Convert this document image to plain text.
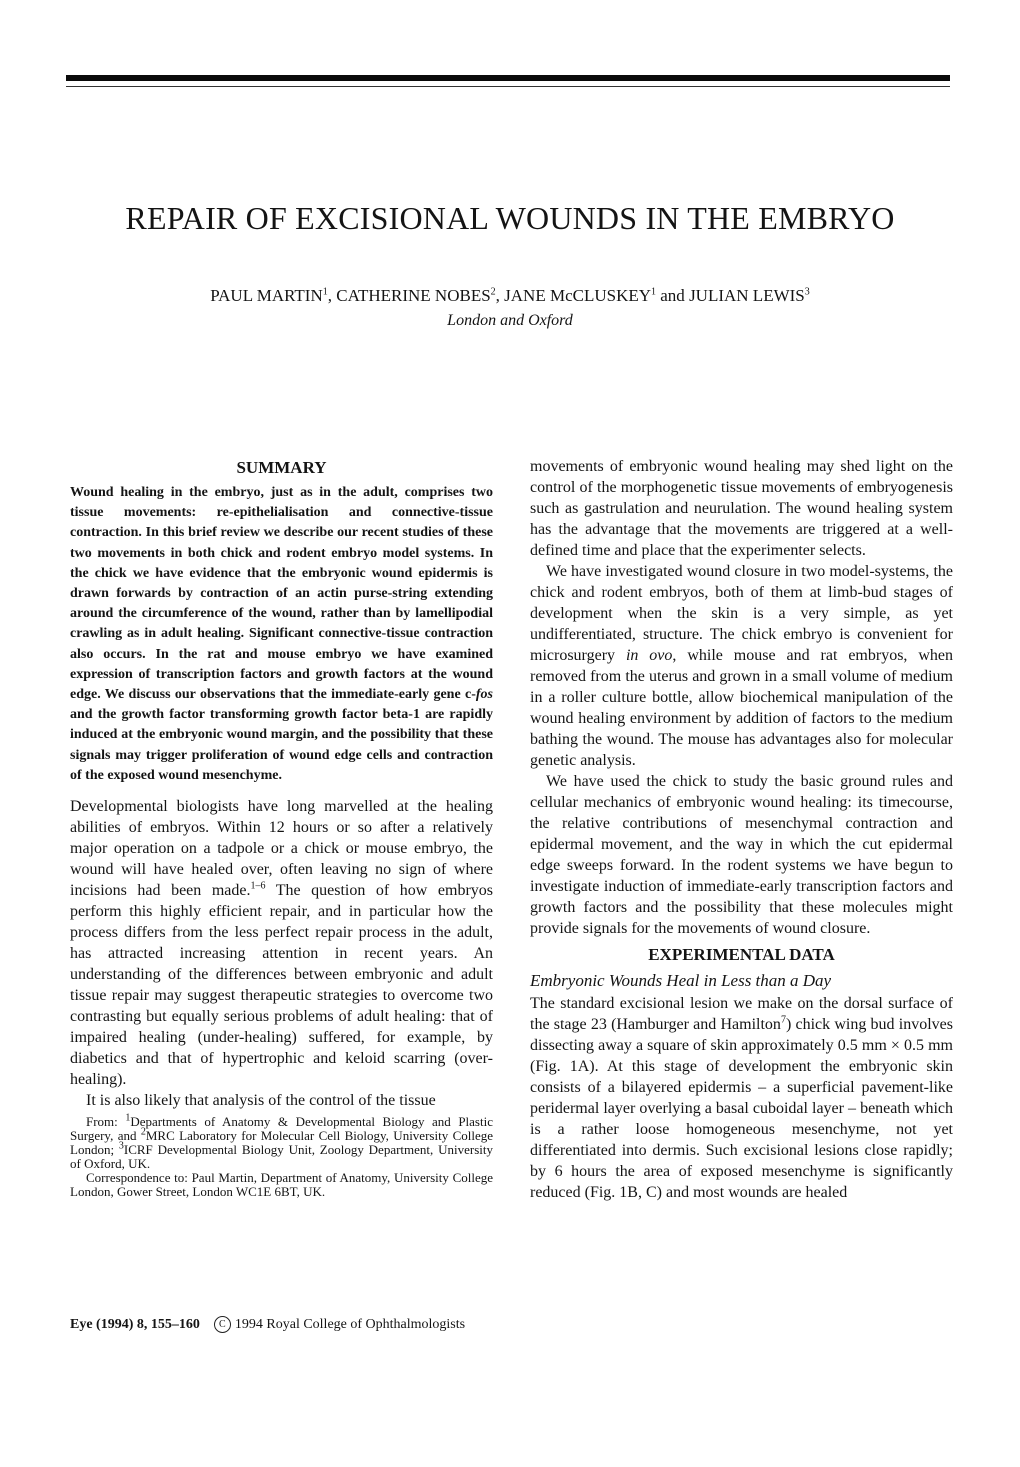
REPAIR OF EXCISIONAL WOUNDS IN THE EMBRYO
PAUL MARTIN$^1$, CATHERINE NOBES$^2$, JANE McCLUSKEY$^1$ and JULIAN LEWIS$^3$
London and Oxford
SUMMARY

Wound healing in the embryo, just as in the adult, comprises two tissue movements: re-epithelialisation and connective-tissue contraction. In this brief review we describe our recent studies of these two movements in both chick and rodent embryo model systems. In the chick we have evidence that the embryonic wound epidermis is drawn forwards by contraction of an actin purse-string extending around the circumference of the wound, rather than by lamellipodial crawling as in adult healing. Significant connective-tissue contraction also occurs. In the rat and mouse embryo we have examined expression of transcription factors and growth factors at the wound edge. We discuss our observations that the immediate-early gene c-fos and the growth factor transforming growth factor beta-1 are rapidly induced at the embryonic wound margin, and the possibility that these signals may trigger proliferation of wound edge cells and contraction of the exposed wound mesenchyme.

Developmental biologists have long marvelled at the healing abilities of embryos. Within 12 hours or so after a relatively major operation on a tadpole or a chick or mouse embryo, the wound will have healed over, often leaving no sign of where incisions had been made.$^{1-6}$ The question of how embryos perform this highly efficient repair, and in particular how the process differs from the less perfect repair process in the adult, has attracted increasing attention in recent years. An understanding of the differences between embryonic and adult tissue repair may suggest therapeutic strategies to overcome two contrasting but equally serious problems of adult healing: that of impaired healing (under-healing) suffered, for example, by diabetics and that of hypertrophic and keloid scarring (over-healing).

It is also likely that analysis of the control of the tissue

From: $^1$Departments of Anatomy & Developmental Biology and Plastic Surgery, and $^2$MRC Laboratory for Molecular Cell Biology, University College London; $^3$ICRF Developmental Biology Unit, Zoology Department, University of Oxford, UK.

Correspondence to: Paul Martin, Department of Anatomy, University College London, Gower Street, London WC1E 6BT, UK.

movements of embryonic wound healing may shed light on the control of the morphogenetic tissue movements of embryogenesis such as gastrulation and neurulation. The wound healing system has the advantage that the movements are triggered at a well-defined time and place that the experimenter selects.

We have investigated wound closure in two model-systems, the chick and rodent embryos, both of them at limb-bud stages of development when the skin is a very simple, as yet undifferentiated, structure. The chick embryo is convenient for microsurgery in ovo, while mouse and rat embryos, when removed from the uterus and grown in a small volume of medium in a roller culture bottle, allow biochemical manipulation of the wound healing environment by addition of factors to the medium bathing the wound. The mouse has advantages also for molecular genetic analysis.

We have used the chick to study the basic ground rules and cellular mechanics of embryonic wound healing: its timecourse, the relative contributions of mesenchymal contraction and epidermal movement, and the way in which the cut epidermal edge sweeps forward. In the rodent systems we have begun to investigate induction of immediate-early transcription factors and growth factors and the possibility that these molecules might provide signals for the movements of wound closure.

EXPERIMENTAL DATA
Embryonic Wounds Heal in Less than a Day

The standard excisional lesion we make on the dorsal surface of the stage 23 (Hamburger and Hamilton$^7$) chick wing bud involves dissecting away a square of skin approximately 0.5 mm × 0.5 mm (Fig. 1A). At this stage of development the embryonic skin consists of a bilayered epidermis – a superficial pavement-like peridermal layer overlying a basal cuboidal layer – beneath which is a rather loose homogeneous mesenchyme, not yet differentiated into dermis. Such excisional lesions close rapidly; by 6 hours the area of exposed mesenchyme is significantly reduced (Fig. 1B, C) and most wounds are healed

Eye (1994) 8, 155–160 C 1994 Royal College of Ophthalmologists
